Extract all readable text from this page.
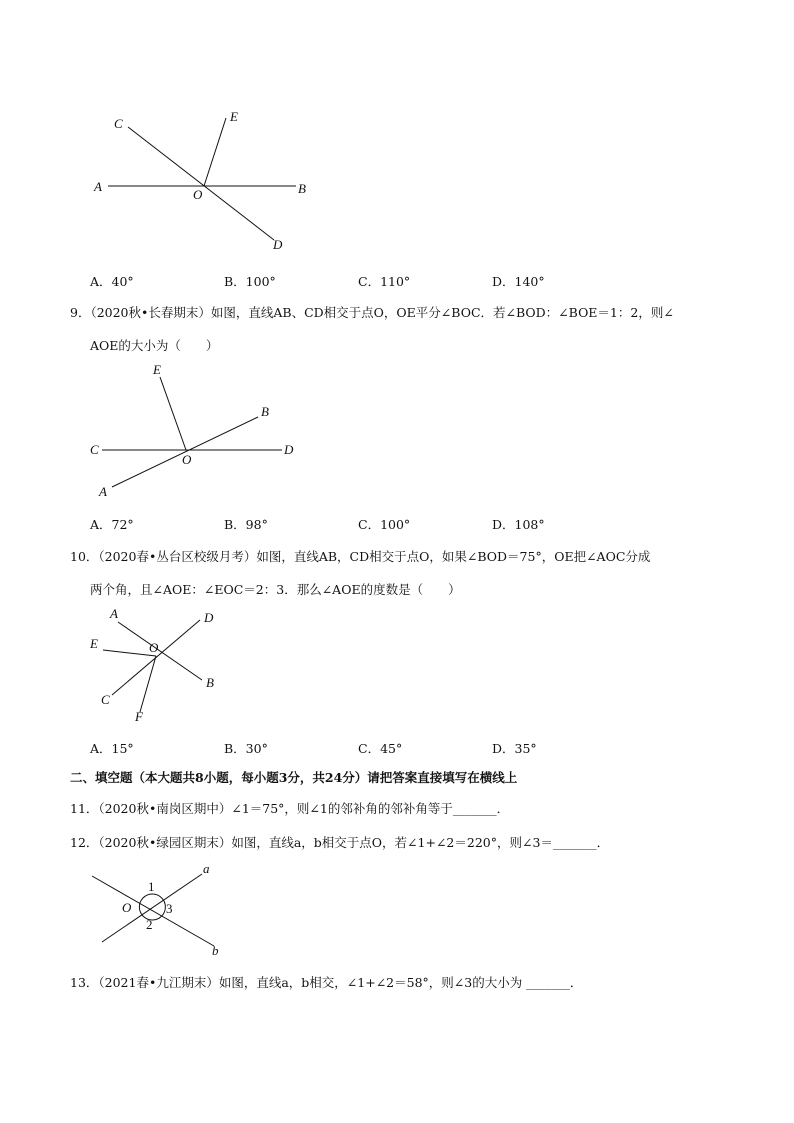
C	E
A
O	B
D
A．40°	B．100°	C．110°	D．140°
9．（2020秋•长春期末）如图，直线AB、CD相交于点O，OE平分∠BOC．若∠BOD：∠BOE＝1：2，则∠
AOE的大小为（　　）
E
B
C
O
D
A
A．72°	B．98°	C．100°	D．108°
10．（2020春•丛台区校级月考）如图，直线AB，CD相交于点O，如果∠BOD＝75°，OE把∠AOC分成
两个角，且∠AOE：∠EOC＝2：3．那么∠AOE的度数是（　　）
A	D
E	O
B
C
F
A．15°	B．30°	C．45°	D．35°
二、填空题（本大题共8小题，每小题3分，共24分）请把答案直接填写在横线上
11．（2020秋•南岗区期中）∠1＝75°，则∠1的邻补角的邻补角等于_______．
12．（2020秋•绿园区期末）如图，直线a，b相交于点O，若∠1+∠2＝220°，则∠3＝_______．
a
b
O
1
2
3
13．（2021春•九江期末）如图，直线a，b相交，∠1+∠2＝58°，则∠3的大小为 _______．
